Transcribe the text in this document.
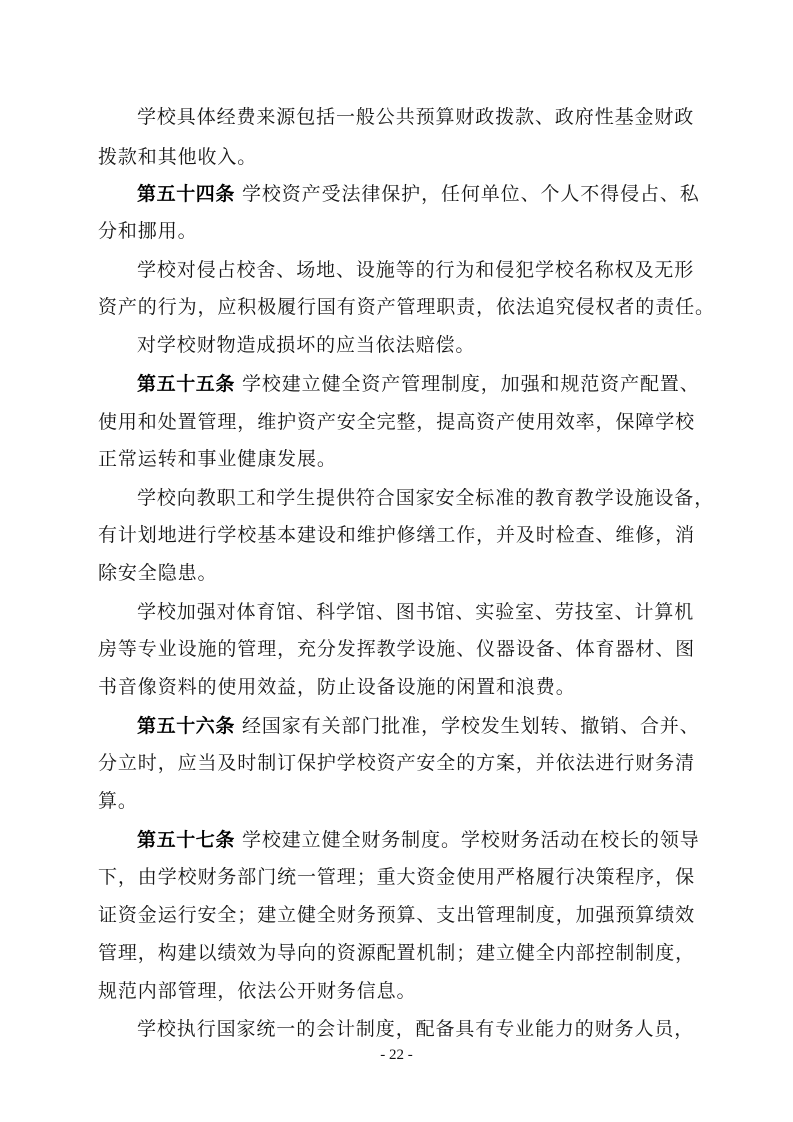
学校具体经费来源包括一般公共预算财政拨款、政府性基金财政
拨款和其他收入。
第五十四条 学校资产受法律保护，任何单位、个人不得侵占、私
分和挪用。
学校对侵占校舍、场地、设施等的行为和侵犯学校名称权及无形
资产的行为，应积极履行国有资产管理职责，依法追究侵权者的责任。
对学校财物造成损坏的应当依法赔偿。
第五十五条 学校建立健全资产管理制度，加强和规范资产配置、
使用和处置管理，维护资产安全完整，提高资产使用效率，保障学校
正常运转和事业健康发展。
学校向教职工和学生提供符合国家安全标准的教育教学设施设备，
有计划地进行学校基本建设和维护修缮工作，并及时检查、维修，消
除安全隐患。
学校加强对体育馆、科学馆、图书馆、实验室、劳技室、计算机
房等专业设施的管理，充分发挥教学设施、仪器设备、体育器材、图
书音像资料的使用效益，防止设备设施的闲置和浪费。
第五十六条 经国家有关部门批准，学校发生划转、撤销、合并、
分立时，应当及时制订保护学校资产安全的方案，并依法进行财务清
算。
第五十七条 学校建立健全财务制度。学校财务活动在校长的领导
下，由学校财务部门统一管理；重大资金使用严格履行决策程序，保
证资金运行安全；建立健全财务预算、支出管理制度，加强预算绩效
管理，构建以绩效为导向的资源配置机制；建立健全内部控制制度，
规范内部管理，依法公开财务信息。
学校执行国家统一的会计制度，配备具有专业能力的财务人员，
- 22 -
